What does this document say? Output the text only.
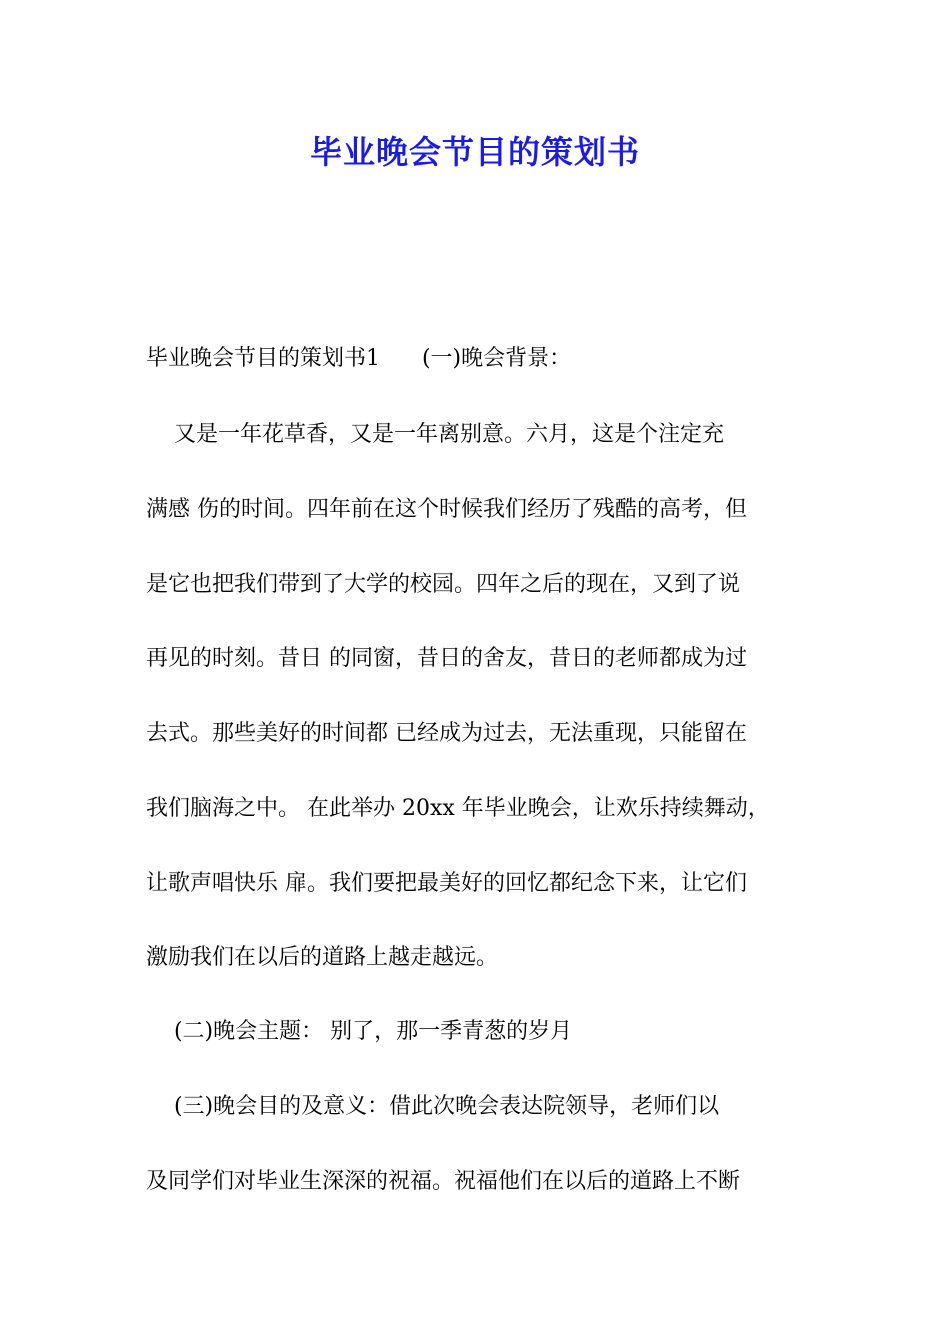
毕业晚会节目的策划书
毕业晚会节目的策划书1      (一)晚会背景：
又是一年花草香，又是一年离别意。六月，这是个注定充
满感 伤的时间。四年前在这个时候我们经历了残酷的高考，但
是它也把我们带到了大学的校园。四年之后的现在，又到了说
再见的时刻。昔日 的同窗，昔日的舍友，昔日的老师都成为过
去式。那些美好的时间都 已经成为过去，无法重现，只能留在
我们脑海之中。 在此举办 20xx 年毕业晚会，让欢乐持续舞动，
让歌声唱快乐 扉。我们要把最美好的回忆都纪念下来，让它们
激励我们在以后的道路上越走越远。
(二)晚会主题： 别了，那一季青葱的岁月
(三)晚会目的及意义：借此次晚会表达院领导，老师们以
及同学们对毕业生深深的祝福。祝福他们在以后的道路上不断
